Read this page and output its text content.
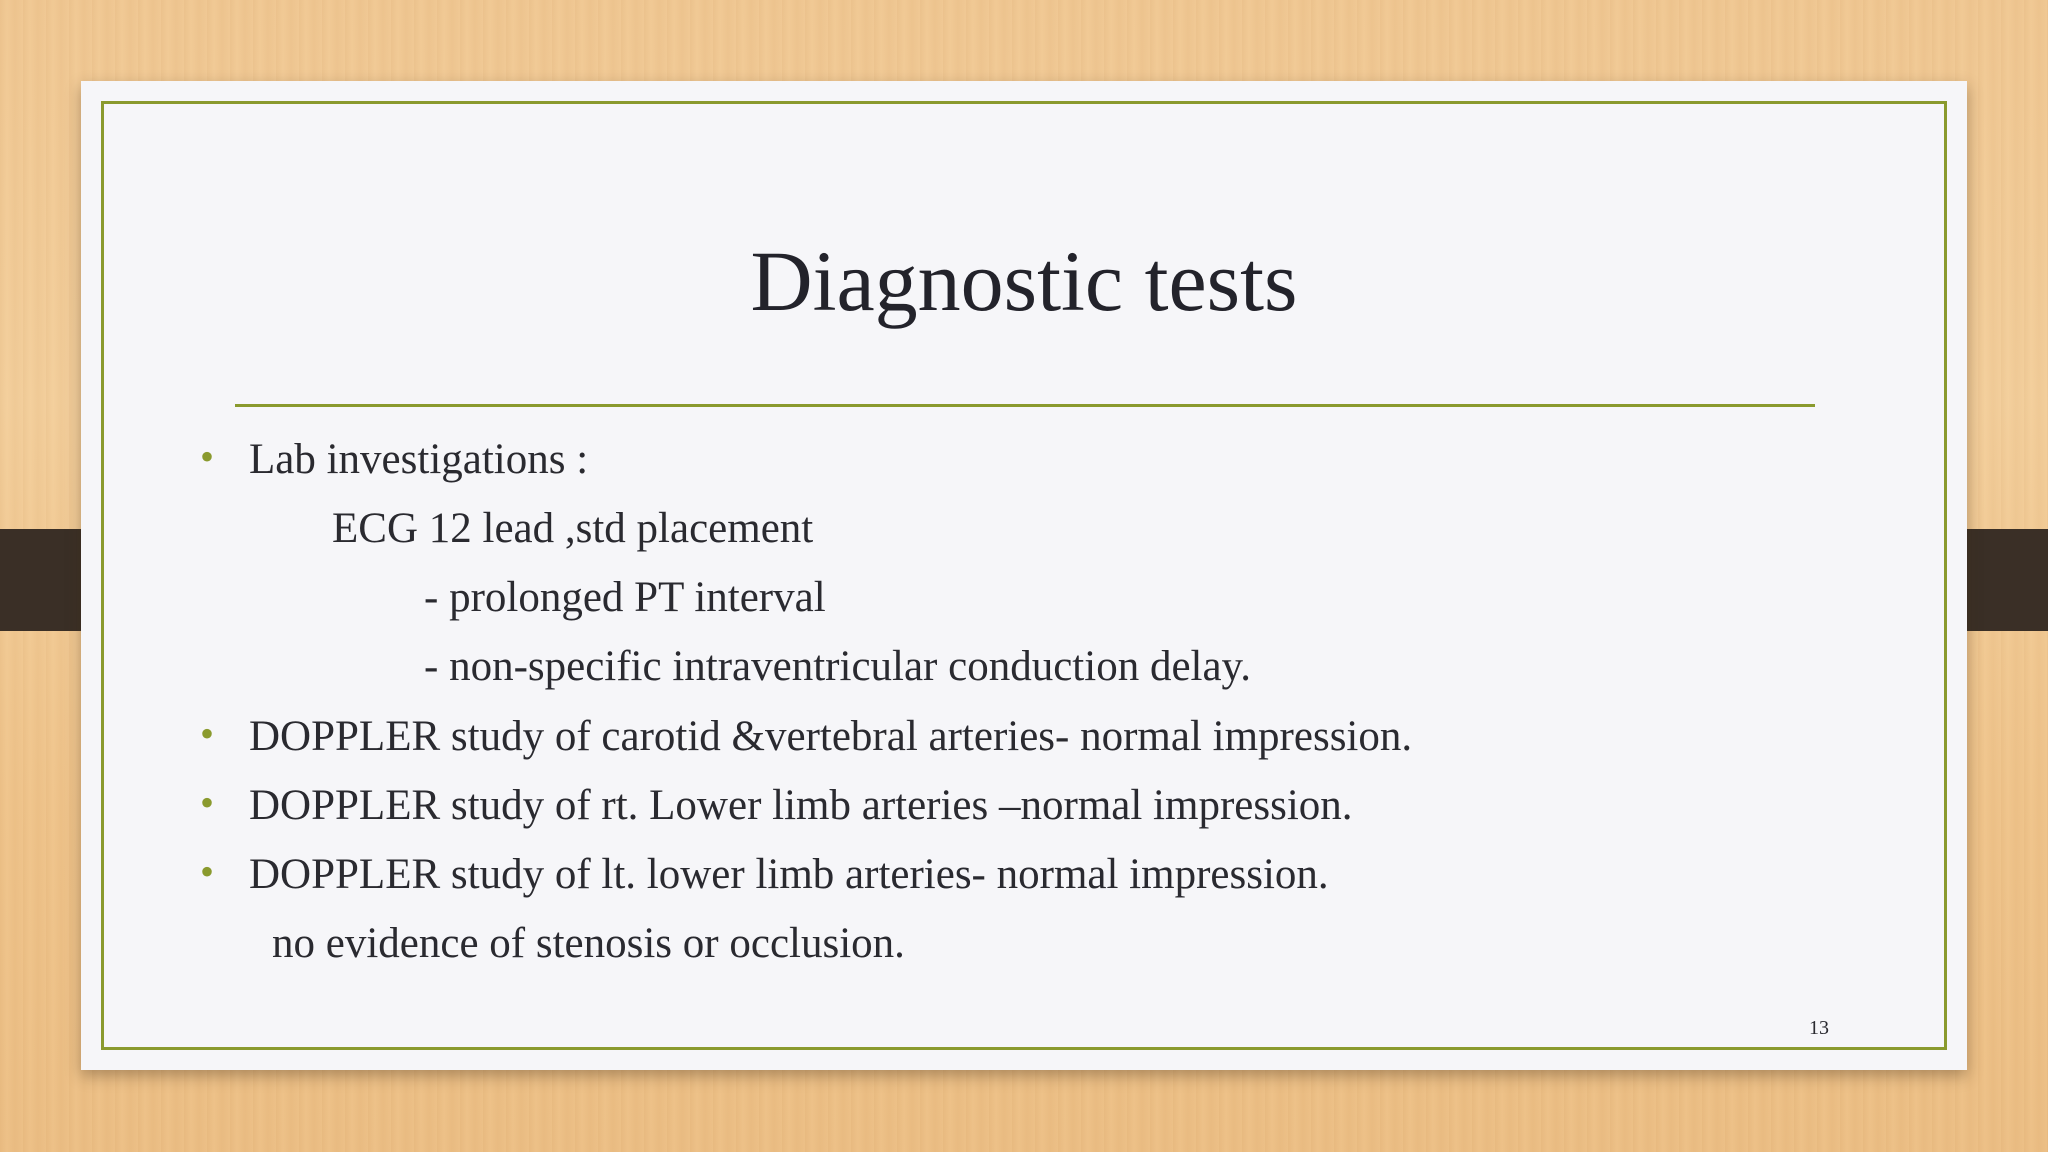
Diagnostic tests
• Lab investigations :
ECG 12 lead ,std placement
- prolonged PT interval
- non-specific intraventricular conduction delay.
• DOPPLER study of carotid &vertebral arteries- normal impression.
• DOPPLER study of rt. Lower limb arteries –normal impression.
• DOPPLER study of lt. lower limb arteries- normal impression.
no evidence of stenosis or occlusion.
13
